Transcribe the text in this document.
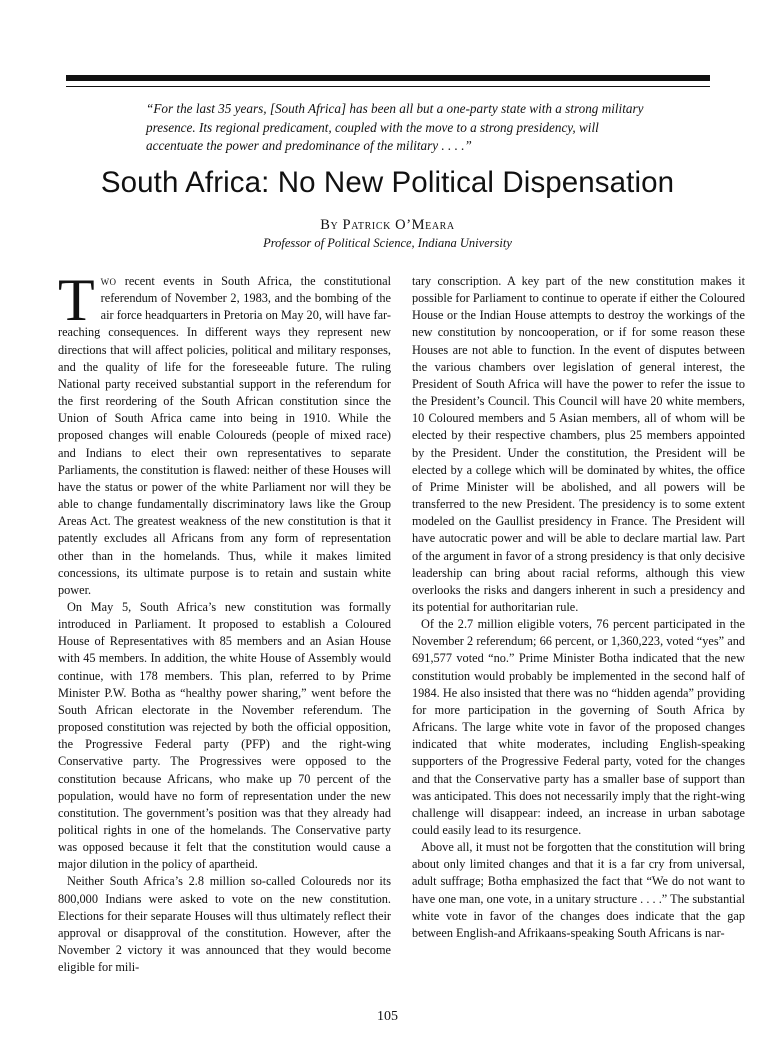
“For the last 35 years, [South Africa] has been all but a one-party state with a strong military presence. Its regional predicament, coupled with the move to a strong presidency, will accentuate the power and predominance of the military . . . .”
South Africa: No New Political Dispensation
By Patrick O’Meara
Professor of Political Science, Indiana University

Two recent events in South Africa, the constitutional referendum of November 2, 1983, and the bombing of the air force headquarters in Pretoria on May 20, will have far-reaching consequences. In different ways they represent new directions that will affect policies, political and military responses, and the quality of life for the foreseeable future. The ruling National party received substantial support in the referendum for the first reordering of the South African constitution since the Union of South Africa came into being in 1910. While the proposed changes will enable Coloureds (people of mixed race) and Indians to elect their own representatives to separate Parliaments, the constitution is flawed: neither of these Houses will have the status or power of the white Parliament nor will they be able to change fundamentally discriminatory laws like the Group Areas Act. The greatest weakness of the new constitution is that it patently excludes all Africans from any form of representation other than in the homelands. Thus, while it makes limited concessions, its ultimate purpose is to retain and sustain white power.

On May 5, South Africa’s new constitution was formally introduced in Parliament. It proposed to establish a Coloured House of Representatives with 85 members and an Asian House with 45 members. In addition, the white House of Assembly would continue, with 178 members. This plan, referred to by Prime Minister P.W. Botha as “healthy power sharing,” went before the South African electorate in the November referendum. The proposed constitution was rejected by both the official opposition, the Progressive Federal party (PFP) and the right-wing Conservative party. The Progressives were opposed to the constitution because Africans, who make up 70 percent of the population, would have no form of representation under the new constitution. The government’s position was that they already had political rights in one of the homelands. The Conservative party was opposed because it felt that the constitution would cause a major dilution in the policy of apartheid.

Neither South Africa’s 2.8 million so-called Coloureds nor its 800,000 Indians were asked to vote on the new constitution. Elections for their separate Houses will thus ultimately reflect their approval or disapproval of the constitution. However, after the November 2 victory it was announced that they would become eligible for mili-

tary conscription. A key part of the new constitution makes it possible for Parliament to continue to operate if either the Coloured House or the Indian House attempts to destroy the workings of the new constitution by noncooperation, or if for some reason these Houses are not able to function. In the event of disputes between the various chambers over legislation of general interest, the President of South Africa will have the power to refer the issue to the President’s Council. This Council will have 20 white members, 10 Coloured members and 5 Asian members, all of whom will be elected by their respective chambers, plus 25 members appointed by the President. Under the constitution, the President will be elected by a college which will be dominated by whites, the office of Prime Minister will be abolished, and all powers will be transferred to the new President. The presidency is to some extent modeled on the Gaullist presidency in France. The President will have autocratic power and will be able to declare martial law. Part of the argument in favor of a strong presidency is that only decisive leadership can bring about racial reforms, although this view overlooks the risks and dangers inherent in such a presidency and its potential for authoritarian rule.

Of the 2.7 million eligible voters, 76 percent participated in the November 2 referendum; 66 percent, or 1,360,223, voted “yes” and 691,577 voted “no.” Prime Minister Botha indicated that the new constitution would probably be implemented in the second half of 1984. He also insisted that there was no “hidden agenda” providing for more participation in the governing of South Africa by Africans. The large white vote in favor of the proposed changes indicated that white moderates, including English-speaking supporters of the Progressive Federal party, voted for the changes and that the Conservative party has a smaller base of support than was anticipated. This does not necessarily imply that the right-wing challenge will disappear: indeed, an increase in urban sabotage could easily lead to its resurgence.

Above all, it must not be forgotten that the constitution will bring about only limited changes and that it is a far cry from universal, adult suffrage; Botha emphasized the fact that “We do not want to have one man, one vote, in a unitary structure . . . .” The substantial white vote in favor of the changes does indicate that the gap between English-and Afrikaans-speaking South Africans is nar-

105
